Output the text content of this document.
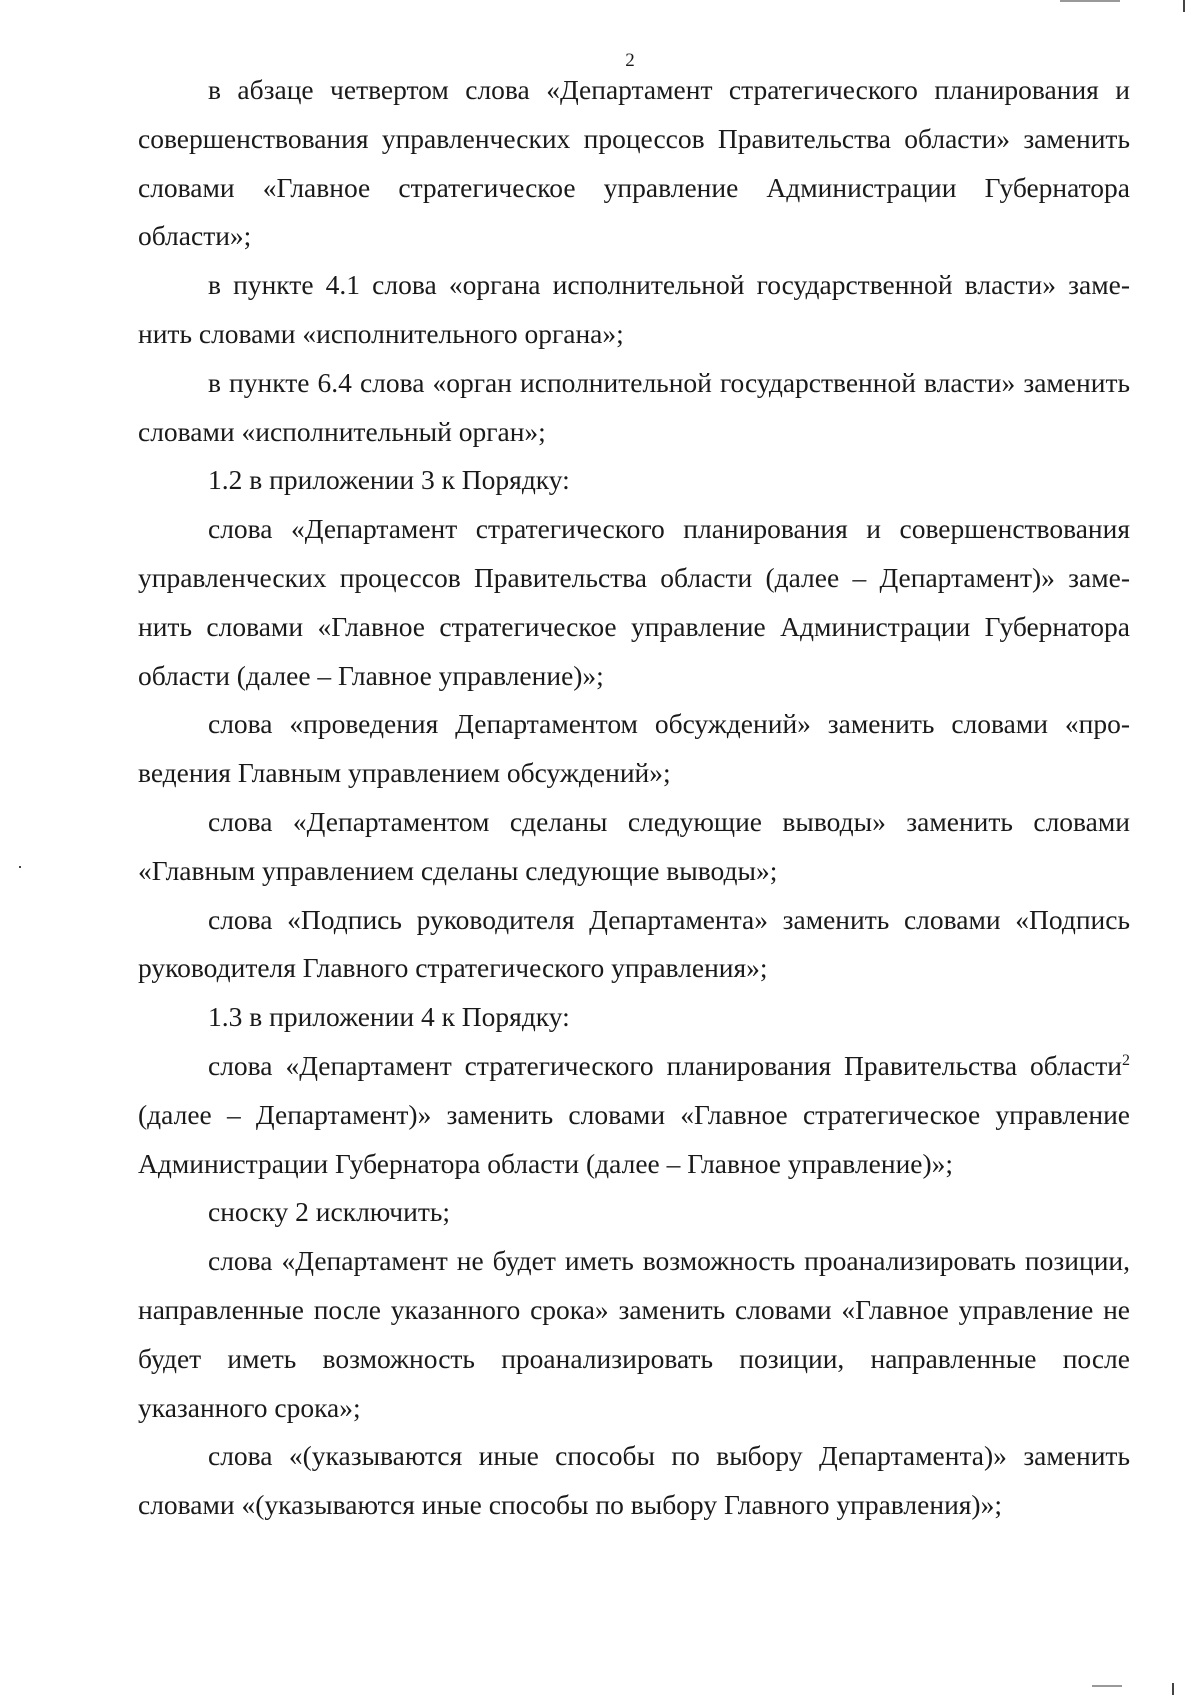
2

в абзаце четвертом слова «Департамент стратегического планирования и совершенствования управленческих процессов Правительства области» заменить словами «Главное стратегическое управление Администрации Губернатора области»;

в пункте 4.1 слова «органа исполнительной государственной власти» заменить словами «исполнительного органа»;

в пункте 6.4 слова «орган исполнительной государственной власти» заменить словами «исполнительный орган»;

1.2 в приложении 3 к Порядку:

слова «Департамент стратегического планирования и совершенствования управленческих процессов Правительства области (далее – Департамент)» заменить словами «Главное стратегическое управление Администрации Губернатора области (далее – Главное управление)»;

слова «проведения Департаментом обсуждений» заменить словами «проведения Главным управлением обсуждений»;

слова «Департаментом сделаны следующие выводы» заменить словами «Главным управлением сделаны следующие выводы»;

слова «Подпись руководителя Департамента» заменить словами «Подпись руководителя Главного стратегического управления»;

1.3 в приложении 4 к Порядку:

слова «Департамент стратегического планирования Правительства области$^2$ (далее – Департамент)» заменить словами «Главное стратегическое управление Администрации Губернатора области (далее – Главное управление)»;

сноску 2 исключить;

слова «Департамент не будет иметь возможность проанализировать позиции, направленные после указанного срока» заменить словами «Главное управление не будет иметь возможность проанализировать позиции, направленные после указанного срока»;

слова «(указываются иные способы по выбору Департамента)» заменить словами «(указываются иные способы по выбору Главного управления)»;
